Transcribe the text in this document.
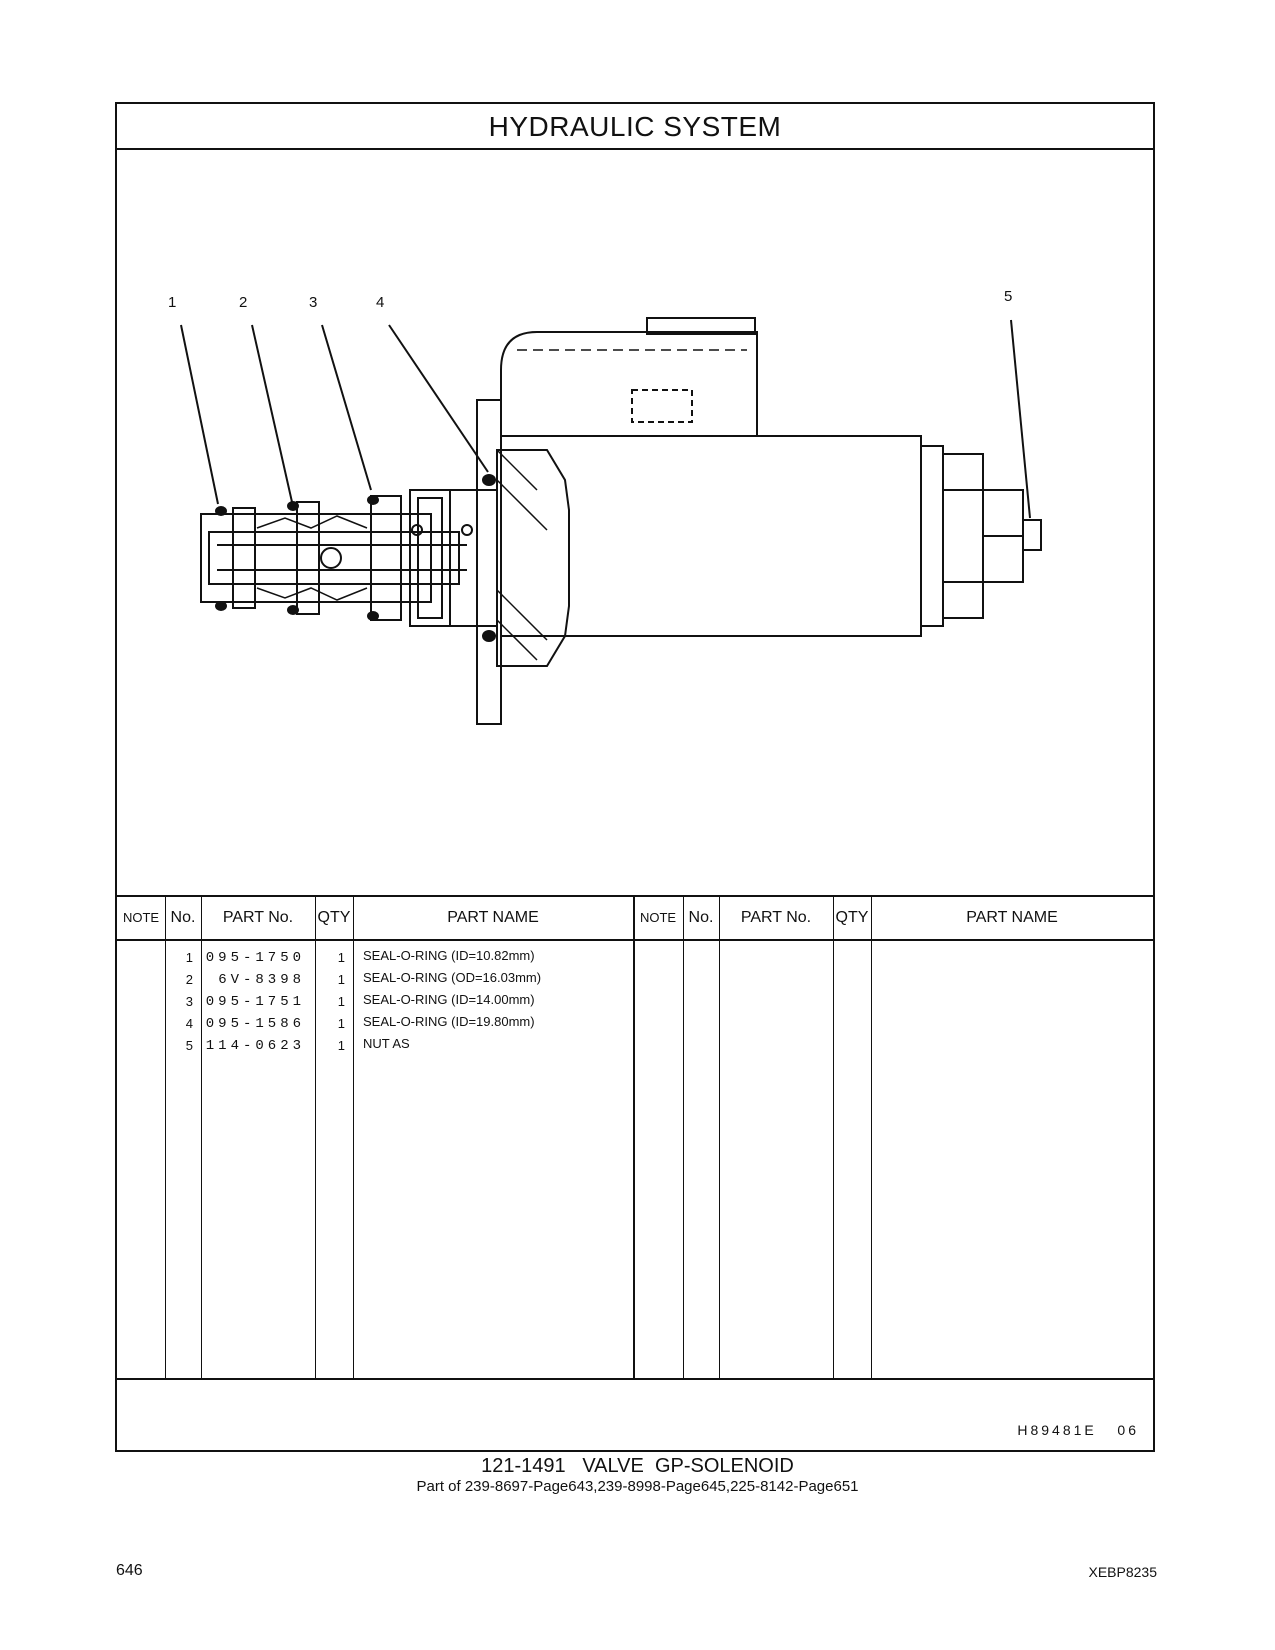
HYDRAULIC SYSTEM
1	2	3	4	5
NOTE No.	PART No.	QTY	PART NAME	NOTE No.	PART No.	QTY	PART NAME
1 095-1750	1 SEAL-O-RING (ID=10.82mm)
2	6V-8398	1 SEAL-O-RING (OD=16.03mm)
3 095-1751	1 SEAL-O-RING (ID=14.00mm)
4 095-1586	1 SEAL-O-RING (ID=19.80mm)
5 114-0623	1 NUT AS
H89481E   06
121-1491   VALVE  GP-SOLENOID
Part of 239-8697-Page643,239-8998-Page645,225-8142-Page651
646	XEBP8235
